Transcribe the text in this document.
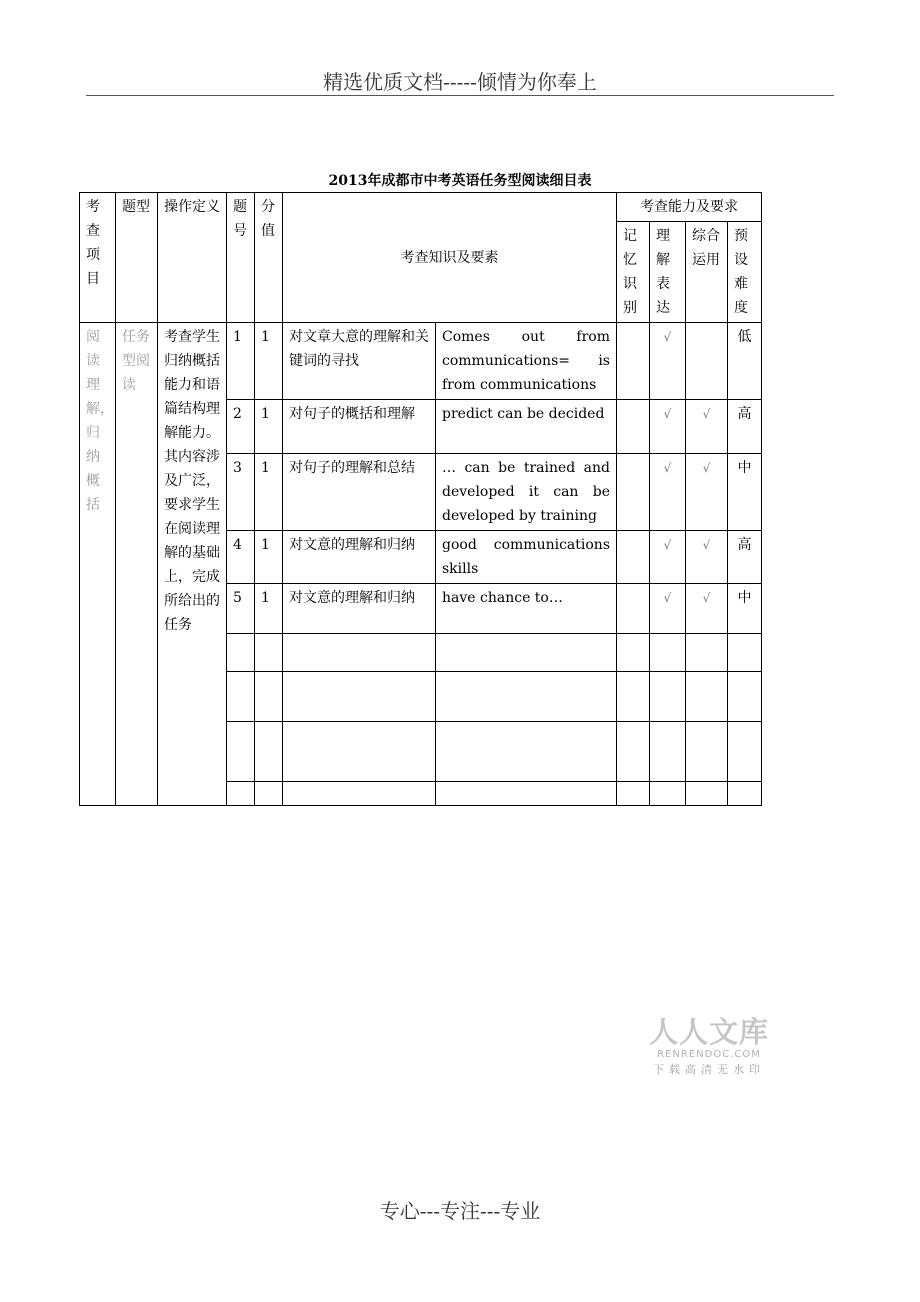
精选优质文档-----倾情为你奉上
2013年成都市中考英语任务型阅读细目表
考查项目	题型	操作定义	题号	分值	考查知识及要素		考查能力及要求			
							记忆识别	理解表达	综合运用	预设难度
阅读理解，归纳概括	任务型阅读	考查学生归纳概括能力和语篇结构理解能力。其内容涉及广泛，要求学生在阅读理解的基础上，完成所给出的任务	1	1	对文章大意的理解和关键词的寻找	Comes out from communications= is from communications		√		低
			2	1	对句子的概括和理解	predict can be decided		√	√	高
			3	1	对句子的理解和总结	… can be trained and developed it can be developed by training		√	√	中
			4	1	对文意的理解和归纳	good communications skills		√	√	高
			5	1	对文意的理解和归纳	have chance to…		√	√	中

人人文库
RENRENDOC.COM
下载高清无水印
专心---专注---专业
